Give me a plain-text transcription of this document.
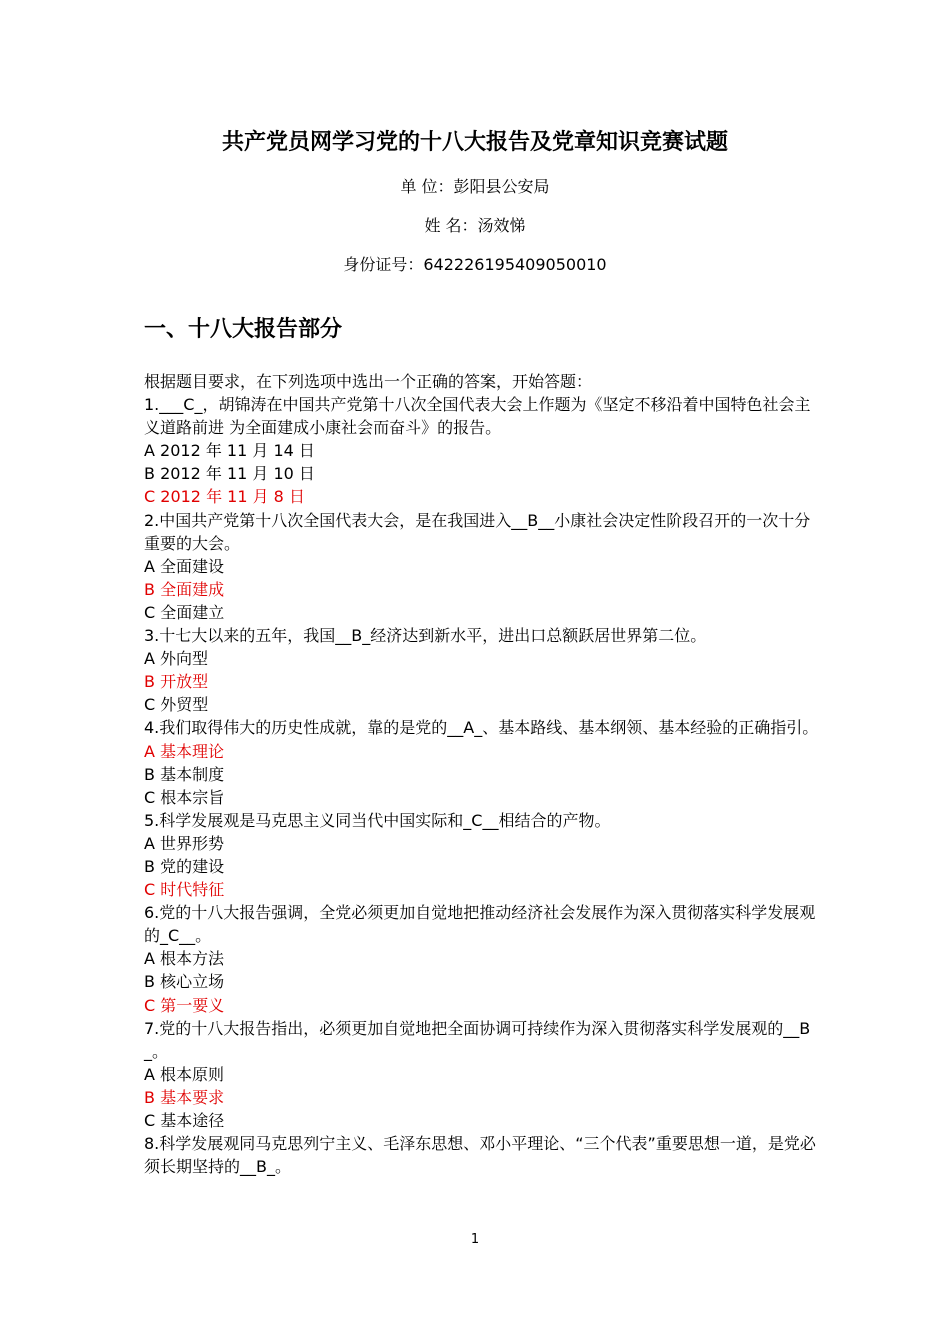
共产党员网学习党的十八大报告及党章知识竞赛试题
单 位：彭阳县公安局
姓 名：汤效悌
身份证号：642226195409050010
一、十八大报告部分
根据题目要求，在下列选项中选出一个正确的答案，开始答题：
1.___C_，胡锦涛在中国共产党第十八次全国代表大会上作题为《坚定不移沿着中国特色社会主义道路前进 为全面建成小康社会而奋斗》的报告。
A 2012 年 11 月 14 日
B 2012 年 11 月 10 日
C 2012 年 11 月 8 日
2.中国共产党第十八次全国代表大会，是在我国进入__B__小康社会决定性阶段召开的一次十分重要的大会。
A 全面建设
B 全面建成
C 全面建立
3.十七大以来的五年，我国__B_经济达到新水平，进出口总额跃居世界第二位。
A 外向型
B 开放型
C 外贸型
4.我们取得伟大的历史性成就，靠的是党的__A_、基本路线、基本纲领、基本经验的正确指引。
A 基本理论
B 基本制度
C 根本宗旨
5.科学发展观是马克思主义同当代中国实际和_C__相结合的产物。
A 世界形势
B 党的建设
C 时代特征
6.党的十八大报告强调，全党必须更加自觉地把推动经济社会发展作为深入贯彻落实科学发展观的_C__。
A 根本方法
B 核心立场
C 第一要义
7.党的十八大报告指出，必须更加自觉地把全面协调可持续作为深入贯彻落实科学发展观的__B_。
A 根本原则
B 基本要求
C 基本途径
8.科学发展观同马克思列宁主义、毛泽东思想、邓小平理论、“三个代表”重要思想一道，是党必须长期坚持的__B_。
1
